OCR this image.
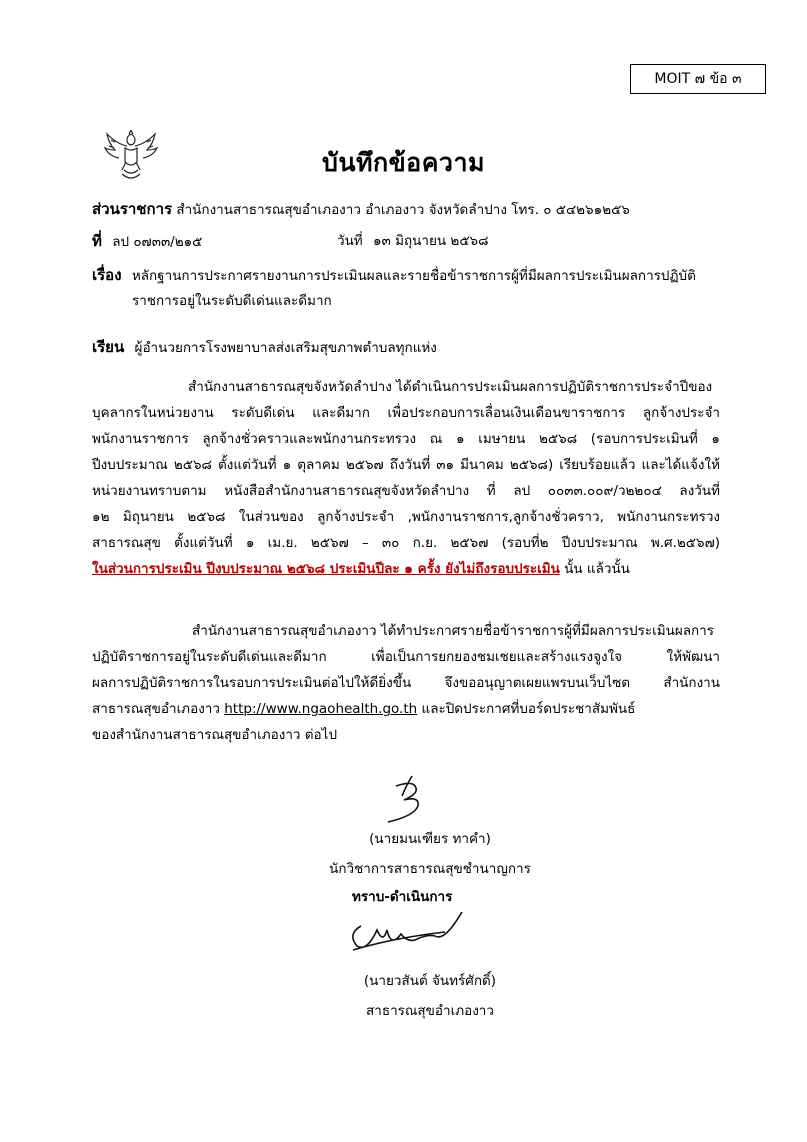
MOIT ๗ ข้อ ๓
บันทึกข้อความ
ส่วนราชการ สำนักงานสาธารณสุขอำเภองาว อำเภองาว จังหวัดลำปาง โทร. ๐ ๕๔๒๖๑๒๕๖
ที่ ลป ๐๗๓๓/๒๑๕	วันที่ ๑๓ มิถุนายน ๒๕๖๘
เรื่อง หลักฐานการประกาศรายงานการประเมินผลและรายชื่อข้าราชการผู้ที่มีผลการประเมินผลการปฏิบัติ
ราชการอยู่ในระดับดีเด่นและดีมาก
เรียน ผู้อำนวยการโรงพยาบาลส่งเสริมสุขภาพตำบลทุกแห่ง
สำนักงานสาธารณสุขจังหวัดลำปาง ได้ดำเนินการประเมินผลการปฏิบัติราชการประจำปีของ
บุคลากรในหน่วยงาน ระดับดีเด่น และดีมาก เพื่อประกอบการเลื่อนเงินเดือนขาราชการ ลูกจ้างประจำ
พนักงานราชการ ลูกจ้างชั่วคราวและพนักงานกระทรวง ณ ๑ เมษายน ๒๕๖๘ (รอบการประเมินที่ ๑
ปีงบประมาณ ๒๕๖๘ ตั้งแต่วันที่ ๑ ตุลาคม ๒๕๖๗ ถึงวันที่ ๓๑ มีนาคม ๒๕๖๘) เรียบร้อยแล้ว และได้แจ้งให้
หน่วยงานทราบตาม หนังสือสำนักงานสาธารณสุขจังหวัดลำปาง ที่ ลป ๐๐๓๓.๐๐๙/ว๒๒๐๔ ลงวันที่
๑๒ มิถุนายน ๒๕๖๘ ในส่วนของ ลูกจ้างประจำ ,พนักงานราชการ,ลูกจ้างชั่วคราว, พนักงานกระทรวง
สาธารณสุข ตั้งแต่วันที่ ๑ เม.ย. ๒๕๖๗ – ๓๐ ก.ย. ๒๕๖๗ (รอบที่๒ ปีงบประมาณ พ.ศ.๒๕๖๗)
ในส่วนการประเมิน ปีงบประมาณ ๒๕๖๘ ประเมินปีละ ๑ ครั้ง ยังไม่ถึงรอบประเมิน นั้น แล้วนั้น
สำนักงานสาธารณสุขอำเภองาว ได้ทำประกาศรายชื่อข้าราชการผู้ที่มีผลการประเมินผลการ
ปฏิบัติราชการอยู่ในระดับดีเด่นและดีมาก เพื่อเป็นการยกยองชมเชยและสร้างแรงจูงใจ ให้พัฒนา
ผลการปฏิบัติราชการในรอบการประเมินต่อไปให้ดียิ่งขึ้น จึงขออนุญาตเผยแพรบนเว็บไซต สำนักงาน
สาธารณสุขอำเภองาว http://www.ngaohealth.go.th และปิดประกาศที่บอร์ดประชาสัมพันธ์
ของสำนักงานสาธารณสุขอำเภองาว ต่อไป
(นายมนเฑียร ทาคำ)
นักวิชาการสาธารณสุขชำนาญการ
ทราบ-ดำเนินการ
(นายวสันต์ จันทร์ศักดิ์)
สาธารณสุขอำเภองาว
